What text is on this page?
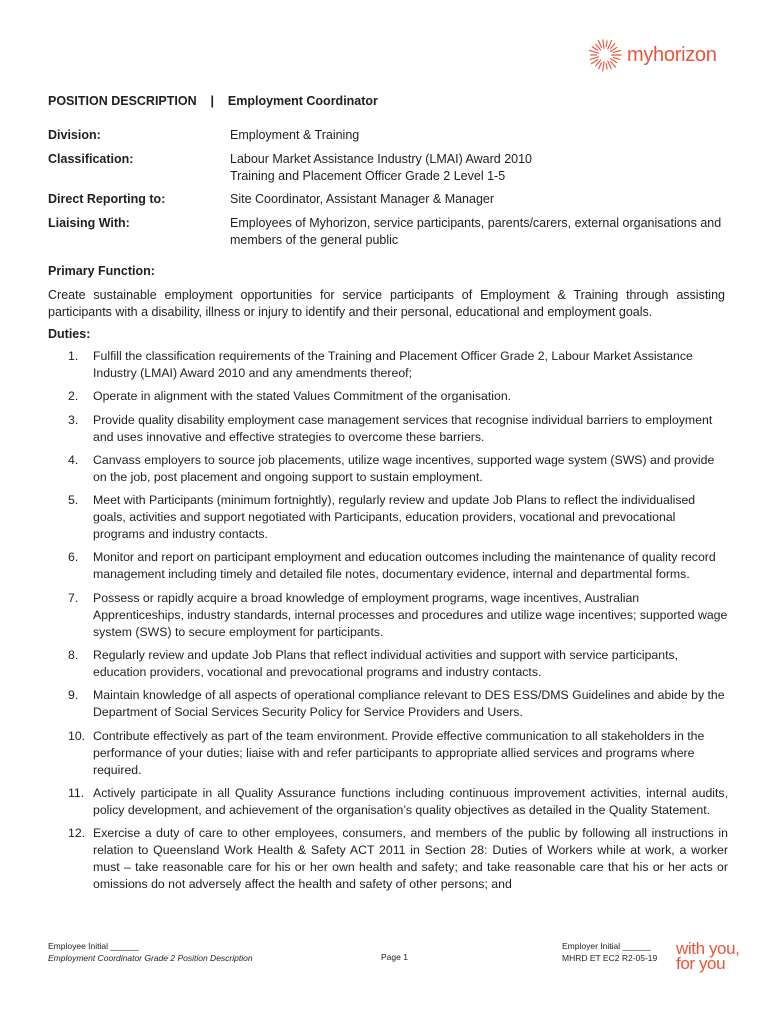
myhorizon
POSITION DESCRIPTION    |    Employment Coordinator
Division:	Employment & Training
Classification:	Labour Market Assistance Industry (LMAI) Award 2010
Training and Placement Officer Grade 2 Level 1-5
Direct Reporting to:	Site Coordinator, Assistant Manager & Manager
Liaising With:	Employees of Myhorizon, service participants, parents/carers, external organisations and members of the general public
Primary Function:
Create sustainable employment opportunities for service participants of Employment & Training through assisting participants with a disability, illness or injury to identify and their personal, educational and employment goals.
Duties:
1. Fulfill the classification requirements of the Training and Placement Officer Grade 2, Labour Market Assistance Industry (LMAI) Award 2010 and any amendments thereof;
2. Operate in alignment with the stated Values Commitment of the organisation.
3. Provide quality disability employment case management services that recognise individual barriers to employment and uses innovative and effective strategies to overcome these barriers.
4. Canvass employers to source job placements, utilize wage incentives, supported wage system (SWS) and provide on the job, post placement and ongoing support to sustain employment.
5. Meet with Participants (minimum fortnightly), regularly review and update Job Plans to reflect the individualised goals, activities and support negotiated with Participants, education providers, vocational and prevocational programs and industry contacts.
6. Monitor and report on participant employment and education outcomes including the maintenance of quality record management including timely and detailed file notes, documentary evidence, internal and departmental forms.
7. Possess or rapidly acquire a broad knowledge of employment programs, wage incentives, Australian Apprenticeships, industry standards, internal processes and procedures and utilize wage incentives; supported wage system (SWS) to secure employment for participants.
8. Regularly review and update Job Plans that reflect individual activities and support with service participants, education providers, vocational and prevocational programs and industry contacts.
9. Maintain knowledge of all aspects of operational compliance relevant to DES ESS/DMS Guidelines and abide by the Department of Social Services Security Policy for Service Providers and Users.
10. Contribute effectively as part of the team environment. Provide effective communication to all stakeholders in the performance of your duties; liaise with and refer participants to appropriate allied services and programs where required.
11. Actively participate in all Quality Assurance functions including continuous improvement activities, internal audits, policy development, and achievement of the organisation’s quality objectives as detailed in the Quality Statement.
12. Exercise a duty of care to other employees, consumers, and members of the public by following all instructions in relation to Queensland Work Health & Safety ACT 2011 in Section 28: Duties of Workers while at work, a worker must – take reasonable care for his or her own health and safety; and take reasonable care that his or her acts or omissions do not adversely affect the health and safety of other persons; and
Employee Initial ______
Employment Coordinator Grade 2 Position Description	Page 1
Employer Initial ______
MHRD ET EC2 R2-05-19 with you,
for you
